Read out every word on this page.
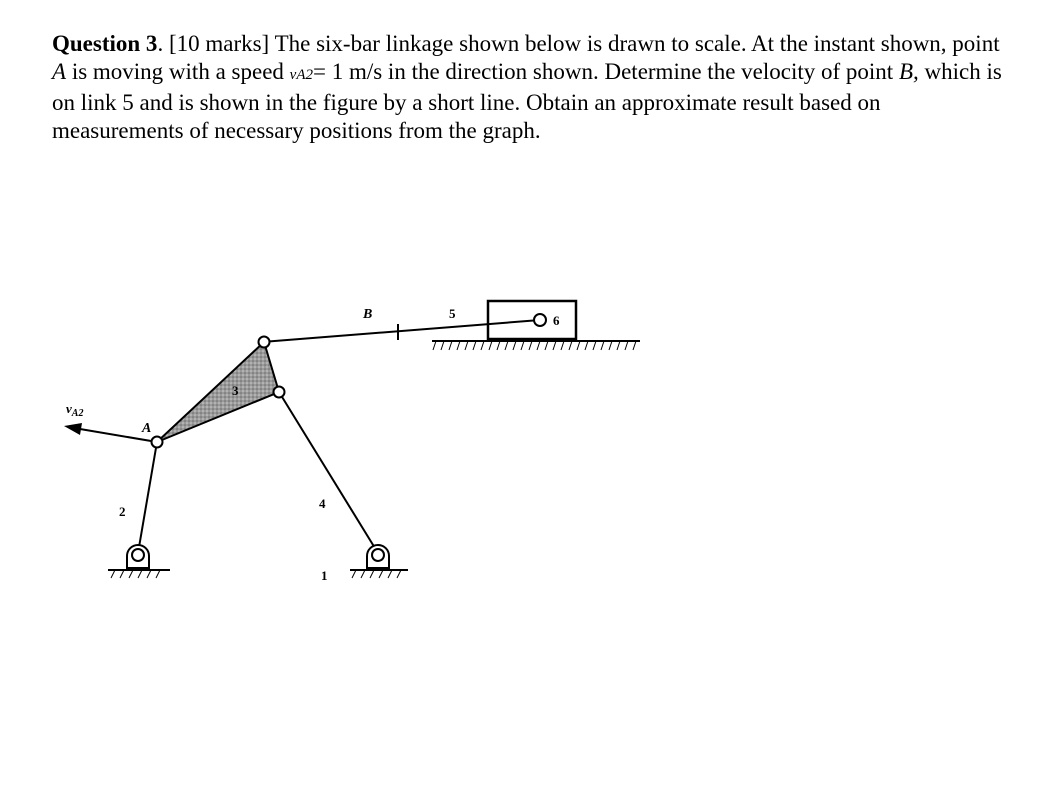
Question 3. [10 marks] The six-bar linkage shown below is drawn to scale. At the instant shown, point A is moving with a speed vA2= 1 m/s in the direction shown. Determine the velocity of point B, which is on link 5 and is shown in the figure by a short line. Obtain an approximate result based on measurements of necessary positions from the graph.
$v_{A2}$
A
B
1
2
3
4
5	6
